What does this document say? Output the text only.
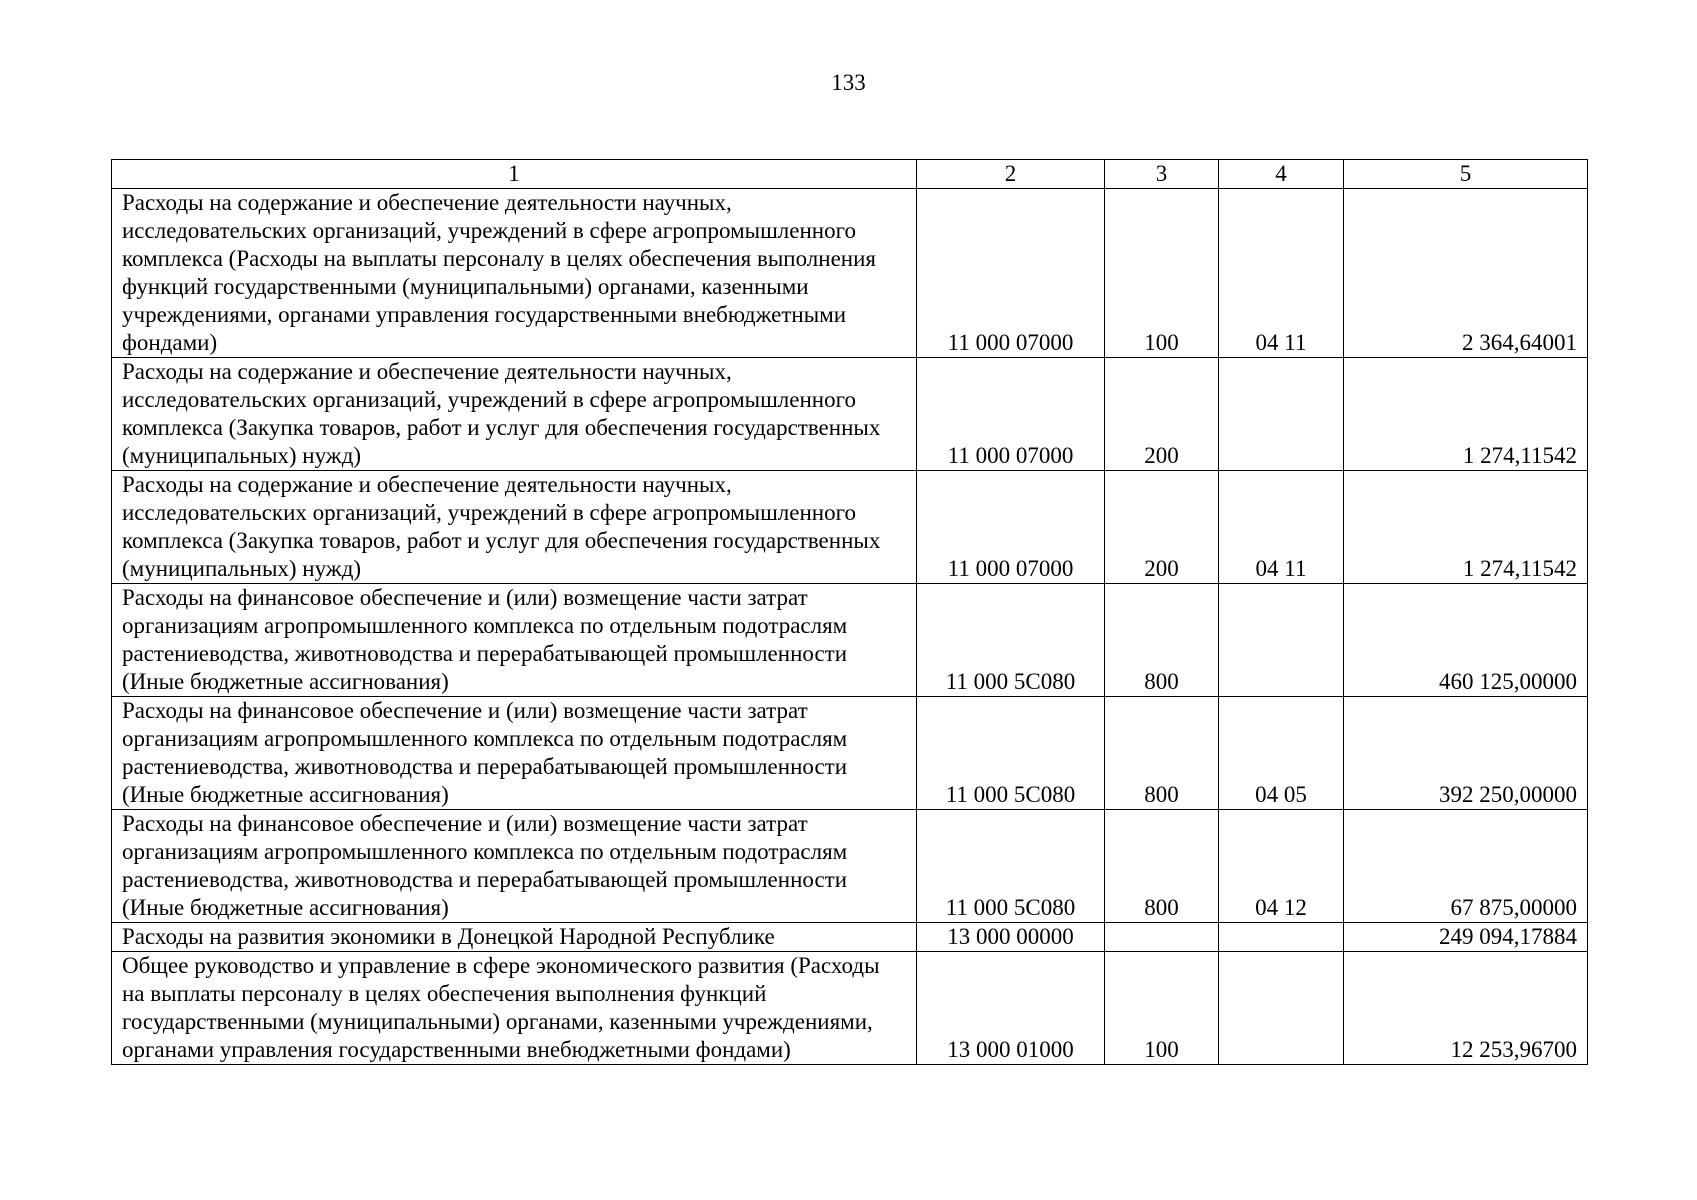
133
1	2	3	4	5
Расходы на содержание и обеспечение деятельности научных, исследовательских организаций, учреждений в сфере агропромышленного комплекса (Расходы на выплаты персоналу в целях обеспечения выполнения функций государственными (муниципальными) органами, казенными учреждениями, органами управления государственными внебюджетными фондами)	11 000 07000	100	04 11	2 364,64001
Расходы на содержание и обеспечение деятельности научных, исследовательских организаций, учреждений в сфере агропромышленного комплекса (Закупка товаров, работ и услуг для обеспечения государственных (муниципальных) нужд)	11 000 07000	200		1 274,11542
Расходы на содержание и обеспечение деятельности научных, исследовательских организаций, учреждений в сфере агропромышленного комплекса (Закупка товаров, работ и услуг для обеспечения государственных (муниципальных) нужд)	11 000 07000	200	04 11	1 274,11542
Расходы на финансовое обеспечение и (или) возмещение части затрат организациям агропромышленного комплекса по отдельным подотраслям растениеводства, животноводства и перерабатывающей промышленности (Иные бюджетные ассигнования)	11 000 5С080	800		460 125,00000
Расходы на финансовое обеспечение и (или) возмещение части затрат организациям агропромышленного комплекса по отдельным подотраслям растениеводства, животноводства и перерабатывающей промышленности (Иные бюджетные ассигнования)	11 000 5С080	800	04 05	392 250,00000
Расходы на финансовое обеспечение и (или) возмещение части затрат организациям агропромышленного комплекса по отдельным подотраслям растениеводства, животноводства и перерабатывающей промышленности (Иные бюджетные ассигнования)	11 000 5С080	800	04 12	67 875,00000
Расходы на развития экономики в Донецкой Народной Республике	13 000 00000			249 094,17884
Общее руководство и управление в сфере экономического развития (Расходы на выплаты персоналу в целях обеспечения выполнения функций государственными (муниципальными) органами, казенными учреждениями, органами управления государственными внебюджетными фондами)	13 000 01000	100		12 253,96700
